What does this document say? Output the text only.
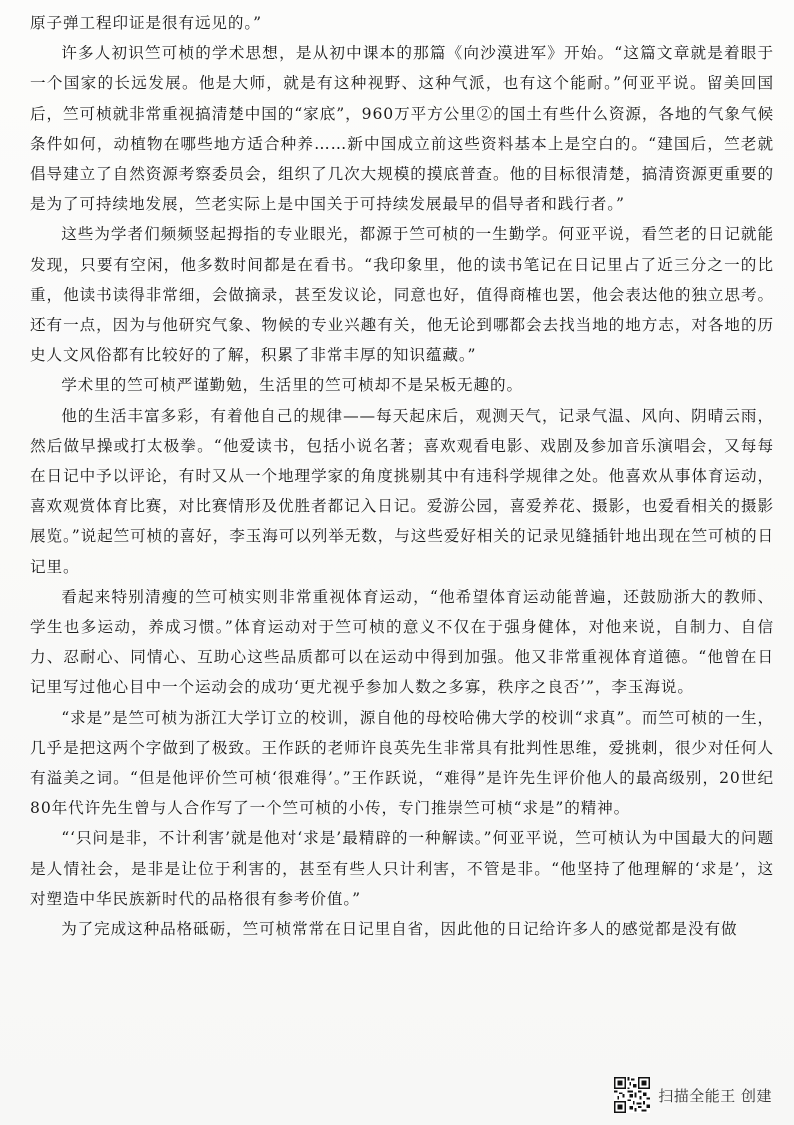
原子弹工程印证是很有远见的。”

许多人初识竺可桢的学术思想，是从初中课本的那篇《向沙漠进军》开始。“这篇文章就是着眼于一个国家的长远发展。他是大师，就是有这种视野、这种气派，也有这个能耐。”何亚平说。留美回国后，竺可桢就非常重视搞清楚中国的“家底”，960万平方公里②的国土有些什么资源，各地的气象气候条件如何，动植物在哪些地方适合种养……新中国成立前这些资料基本上是空白的。“建国后，竺老就倡导建立了自然资源考察委员会，组织了几次大规模的摸底普查。他的目标很清楚，搞清资源更重要的是为了可持续地发展，竺老实际上是中国关于可持续发展最早的倡导者和践行者。”

这些为学者们频频竖起拇指的专业眼光，都源于竺可桢的一生勤学。何亚平说，看竺老的日记就能发现，只要有空闲，他多数时间都是在看书。“我印象里，他的读书笔记在日记里占了近三分之一的比重，他读书读得非常细，会做摘录，甚至发议论，同意也好，值得商榷也罢，他会表达他的独立思考。还有一点，因为与他研究气象、物候的专业兴趣有关，他无论到哪都会去找当地的地方志，对各地的历史人文风俗都有比较好的了解，积累了非常丰厚的知识蕴藏。”

学术里的竺可桢严谨勤勉，生活里的竺可桢却不是呆板无趣的。

他的生活丰富多彩，有着他自己的规律——每天起床后，观测天气，记录气温、风向、阴晴云雨，然后做早操或打太极拳。“他爱读书，包括小说名著；喜欢观看电影、戏剧及参加音乐演唱会，又每每在日记中予以评论，有时又从一个地理学家的角度挑剔其中有违科学规律之处。他喜欢从事体育运动，喜欢观赏体育比赛，对比赛情形及优胜者都记入日记。爱游公园，喜爱养花、摄影，也爱看相关的摄影展览。”说起竺可桢的喜好，李玉海可以列举无数，与这些爱好相关的记录见缝插针地出现在竺可桢的日记里。

看起来特别清瘦的竺可桢实则非常重视体育运动，“他希望体育运动能普遍，还鼓励浙大的教师、学生也多运动，养成习惯。”体育运动对于竺可桢的意义不仅在于强身健体，对他来说，自制力、自信力、忍耐心、同情心、互助心这些品质都可以在运动中得到加强。他又非常重视体育道德。“他曾在日记里写过他心目中一个运动会的成功‘更尤视乎参加人数之多寡，秩序之良否’”，李玉海说。

“求是”是竺可桢为浙江大学订立的校训，源自他的母校哈佛大学的校训“求真”。而竺可桢的一生，几乎是把这两个字做到了极致。王作跃的老师许良英先生非常具有批判性思维，爱挑刺，很少对任何人有溢美之词。“但是他评价竺可桢‘很难得’。”王作跃说，“难得”是许先生评价他人的最高级别，20世纪80年代许先生曾与人合作写了一个竺可桢的小传，专门推崇竺可桢“求是”的精神。

“‘只问是非，不计利害’就是他对‘求是’最精辟的一种解读。”何亚平说，竺可桢认为中国最大的问题是人情社会，是非是让位于利害的，甚至有些人只计利害，不管是非。“他坚持了他理解的‘求是’，这对塑造中华民族新时代的品格很有参考价值。”

为了完成这种品格砥砺，竺可桢常常在日记里自省，因此他的日记给许多人的感觉都是没有做

扫描全能王 创建
